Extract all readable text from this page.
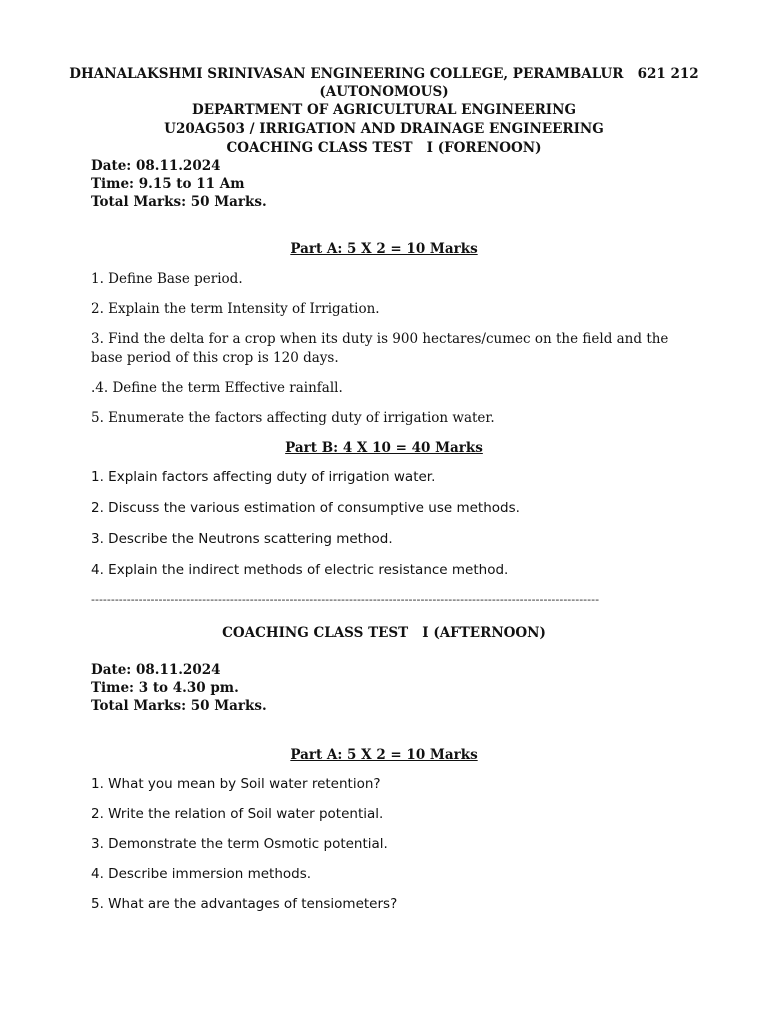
DHANALAKSHMI SRINIVASAN ENGINEERING COLLEGE, PERAMBALUR   621 212
(AUTONOMOUS)
DEPARTMENT OF AGRICULTURAL ENGINEERING
U20AG503 / IRRIGATION AND DRAINAGE ENGINEERING
COACHING CLASS TEST   I (FORENOON)
Date: 08.11.2024
Time: 9.15 to 11 Am
Total Marks: 50 Marks.
Part A: 5 X 2 = 10 Marks
1. Define Base period.
2. Explain the term Intensity of Irrigation.
3. Find the delta for a crop when its duty is 900 hectares/cumec on the field and the base period of this crop is 120 days.
.4. Define the term Effective rainfall.
5. Enumerate the factors affecting duty of irrigation water.
Part B: 4 X 10 = 40 Marks
1. Explain factors affecting duty of irrigation water.
2. Discuss the various estimation of consumptive use methods.
3. Describe the Neutrons scattering method.
4. Explain the indirect methods of electric resistance method.
--------------------------------------------------------------------------------------------------------------------------------
COACHING CLASS TEST   I (AFTERNOON)
Date: 08.11.2024
Time: 3 to 4.30 pm.
Total Marks: 50 Marks.
Part A: 5 X 2 = 10 Marks
1. What you mean by Soil water retention?
2. Write the relation of Soil water potential.
3. Demonstrate the term Osmotic potential.
4. Describe immersion methods.
5. What are the advantages of tensiometers?
